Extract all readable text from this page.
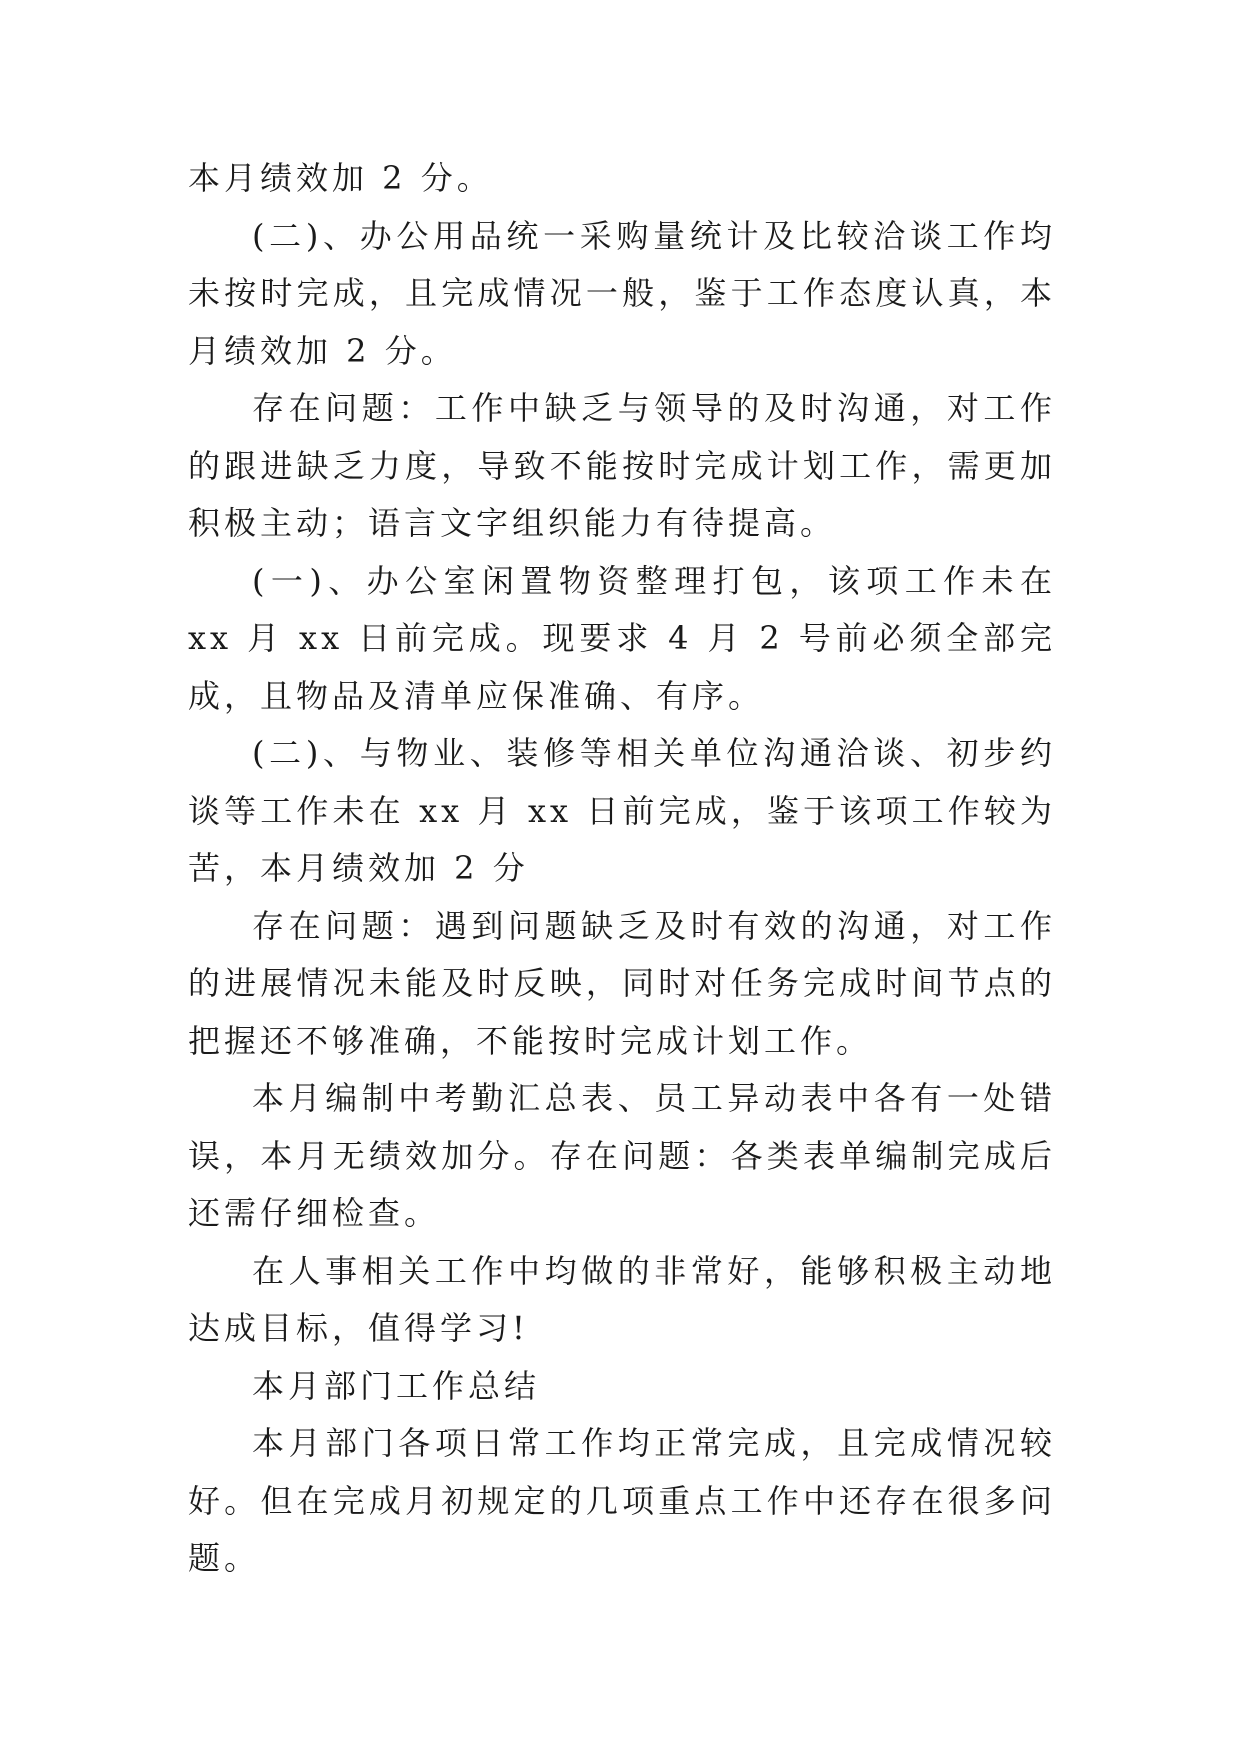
本月绩效加 2 分。

(二)、办公用品统一采购量统计及比较洽谈工作均未按时完成，且完成情况一般，鉴于工作态度认真，本月绩效加 2 分。

存在问题：工作中缺乏与领导的及时沟通，对工作的跟进缺乏力度，导致不能按时完成计划工作，需更加积极主动；语言文字组织能力有待提高。

(一)、办公室闲置物资整理打包，该项工作未在 xx 月 xx 日前完成。现要求 4 月 2 号前必须全部完成，且物品及清单应保准确、有序。

(二)、与物业、装修等相关单位沟通洽谈、初步约谈等工作未在 xx 月 xx 日前完成，鉴于该项工作较为苦，本月绩效加 2 分

存在问题：遇到问题缺乏及时有效的沟通，对工作的进展情况未能及时反映，同时对任务完成时间节点的把握还不够准确，不能按时完成计划工作。

本月编制中考勤汇总表、员工异动表中各有一处错误，本月无绩效加分。存在问题：各类表单编制完成后还需仔细检查。

在人事相关工作中均做的非常好，能够积极主动地达成目标，值得学习!

本月部门工作总结

本月部门各项日常工作均正常完成，且完成情况较好。但在完成月初规定的几项重点工作中还存在很多问题。
